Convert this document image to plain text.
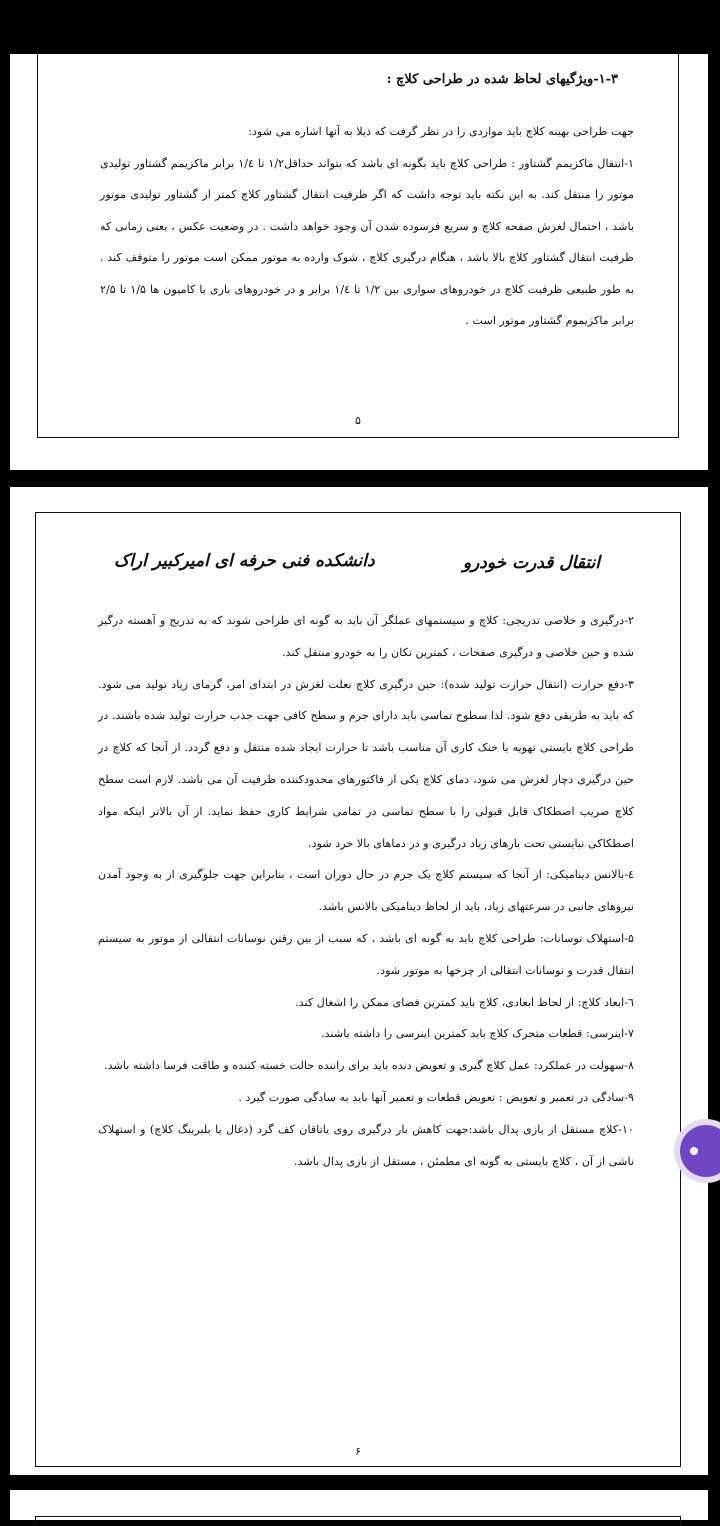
۱-۳-ویژگیهای لحاظ شده در طراحی کلاچ :

جهت طراحی بهینه کلاچ باید مواردی را در نظر گرفت که ذیلا به آنها اشاره می شود:

۱-انتقال ماکزیمم گشتاور : طراحی کلاچ باید بگونه ای باشد که بتواند حداقل۱/۲ تا ۱/٤ برابر ماکزیمم گشتاور تولیدی موتور را منتقل کند. به این نکته باید توجه داشت که اگر ظرفیت انتقال گشتاور کلاچ کمتر از گشتاور تولیدی موتور باشد ، احتمال لغزش صفحه کلاچ و سریع فرسوده شدن آن وجود خواهد داشت . در وضعیت عکس ، یعنی زمانی که ظرفیت انتقال گشتاور کلاچ بالا باشد ، هنگام درگیری کلاچ ، شوک وارده به موتور ممکن است موتور را متوقف کند . به طور طبیعی ظرفیت کلاچ در خودروهای سواری بین ۱/۲ تا ۱/٤ برابر و در خودروهای باری یا کامیون ها ۱/۵ تا ۲/۵ برابر ماکزیموم گشتاور موتور است .

۵
انتقال قدرت خودرو
دانشکده فنی حرفه ای امیرکبیر اراک

۲-درگیری و خلاصی تدریجی: کلاچ و سیستمهای عملگر آن باید به گونه ای طراحی شوند که به تدریج و آهسته درگیر شده و حین خلاصی و درگیری صفحات ، کمترین تکان را به خودرو منتقل کند.

۳-دفع حرارت (انتقال حرارت تولید شده): حین درگیری کلاچ بعلت لغزش در ابتدای امر، گرمای زیاد تولید می شود. که باید به طریقی دفع شود. لذا سطوح تماسی باید دارای جرم و سطح کافی جهت جذب حرارت تولید شده باشند. در طراحی کلاچ بایستی تهویه یا خنک کاری آن مناسب باشد تا حرارت ایجاد شده منتقل و دفع گردد. از آنجا که کلاچ در حین درگیری دچار لغزش می شود، دمای کلاچ یکی از فاکتورهای محدودکننده ظرفیت آن می باشد. لازم است سطح کلاچ ضریب اصطکاک قابل قبولی را با سطح تماسی در تمامی شرایط کاری حفظ نماید. از آن بالاتر اینکه مواد اصطکاکی نبایستی تحت بارهای زیاد درگیری و در دماهای بالا خرد شود.

٤-بالانس دینامیکی: از آنجا که سیستم کلاچ یک جرم در حال دوران است ، بنابراین جهت جلوگیری از به وجود آمدن نیروهای جانبی در سرعتهای زیاد، باید از لحاظ دینامیکی بالانس باشد.

۵-استهلاک نوسانات: طراحی کلاچ باید به گونه ای باشد ، که سبب از بین رفتن نوسانات انتقالی از موتور به سیستم انتقال قدرت و نوسانات انتقالی از چرخها به موتور شود.

٦-ابعاد کلاچ: از لحاظ ابعادی، کلاچ باید کمترین فضای ممکن را اشغال کند.

۷-اینرسی: قطعات متحرک کلاچ باید کمترین اینرسی را داشته باشند.

۸-سهولت در عملکرد: عمل کلاچ گیری و تعویض دنده باید برای راننده حالت خسته کننده و طاقت فرسا داشته باشد.

۹-سادگی در تعمیر و تعویض : تعویض قطعات و تعمیر آنها باید به سادگی صورت گیرد .

۱۰-کلاچ مستقل از بازی پدال باشد:جهت کاهش بار درگیری روی یاتاقان کف گرد (ذغال یا بلبرینگ کلاچ) و استهلاک ناشی از آن ، کلاچ بایستی به گونه ای مطمئن ، مستقل از بازی پدال باشد.

۶
